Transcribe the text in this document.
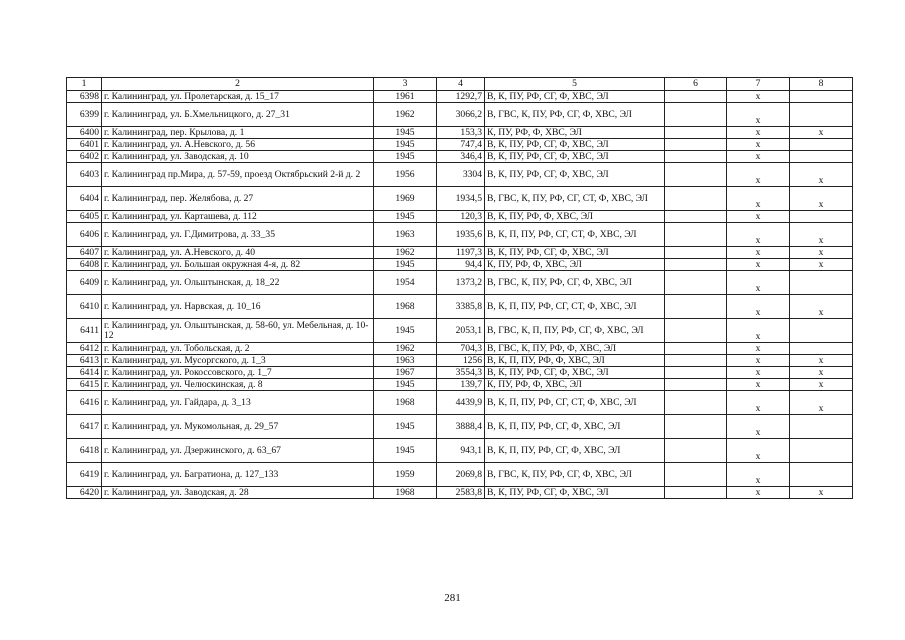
1	2	3	4	5	6	7	8
6398	г. Калининград, ул. Пролетарская, д. 15_17	1961	1292,7	В, К, ПУ, РФ, СГ, Ф, ХВС, ЭЛ		x	
6399	г. Калининград, ул. Б.Хмельницкого, д. 27_31	1962	3066,2	В, ГВС, К, ПУ, РФ, СГ, Ф, ХВС, ЭЛ		x	
6400	г. Калининград, пер. Крылова, д. 1	1945	153,3	К, ПУ, РФ, Ф, ХВС, ЭЛ		x	x
6401	г. Калининград, ул. А.Невского, д. 56	1945	747,4	В, К, ПУ, РФ, СГ, Ф, ХВС, ЭЛ		x	
6402	г. Калининград, ул. Заводская, д. 10	1945	346,4	В, К, ПУ, РФ, СГ, Ф, ХВС, ЭЛ		x	
6403	г. Калининград пр.Мира, д. 57-59, проезд Октябрьский 2-й д. 2	1956	3304	В, К, ПУ, РФ, СГ, Ф, ХВС, ЭЛ		x	x
6404	г. Калининград, пер. Желябова, д. 27	1969	1934,5	В, ГВС, К, ПУ, РФ, СГ, СТ, Ф, ХВС, ЭЛ		x	x
6405	г. Калининград, ул. Карташева, д. 112	1945	120,3	В, К, ПУ, РФ, Ф, ХВС, ЭЛ		x	
6406	г. Калининград, ул. Г.Димитрова, д. 33_35	1963	1935,6	В, К, П, ПУ, РФ, СГ, СТ, Ф, ХВС, ЭЛ		x	x
6407	г. Калининград, ул. А.Невского, д. 40	1962	1197,3	В, К, ПУ, РФ, СГ, Ф, ХВС, ЭЛ		x	x
6408	г. Калининград, ул. Большая окружная 4-я, д. 82	1945	94,4	К, ПУ, РФ, Ф, ХВС, ЭЛ		x	x
6409	г. Калининград, ул. Ольштынская, д. 18_22	1954	1373,2	В, ГВС, К, ПУ, РФ, СГ, Ф, ХВС, ЭЛ		x	
6410	г. Калининград, ул. Нарвская, д. 10_16	1968	3385,8	В, К, П, ПУ, РФ, СГ, СТ, Ф, ХВС, ЭЛ		x	x
6411	г. Калининград, ул. Ольштынская, д. 58-60, ул. Мебельная, д. 10-12	1945	2053,1	В, ГВС, К, П, ПУ, РФ, СГ, Ф, ХВС, ЭЛ		x	
6412	г. Калининград, ул. Тобольская, д. 2	1962	704,3	В, ГВС, К, ПУ, РФ, Ф, ХВС, ЭЛ		x	
6413	г. Калининград, ул. Мусоргского, д. 1_3	1963	1256	В, К, П, ПУ, РФ, Ф, ХВС, ЭЛ		x	x
6414	г. Калининград, ул. Рокоссовского, д. 1_7	1967	3554,3	В, К, ПУ, РФ, СГ, Ф, ХВС, ЭЛ		x	x
6415	г. Калининград, ул. Челюскинская, д. 8	1945	139,7	К, ПУ, РФ, Ф, ХВС, ЭЛ		x	x
6416	г. Калининград, ул. Гайдара, д. 3_13	1968	4439,9	В, К, П, ПУ, РФ, СГ, СТ, Ф, ХВС, ЭЛ		x	x
6417	г. Калининград, ул. Мукомольная, д. 29_57	1945	3888,4	В, К, П, ПУ, РФ, СГ, Ф, ХВС, ЭЛ		x	
6418	г. Калининград, ул. Дзержинского, д. 63_67	1945	943,1	В, К, П, ПУ, РФ, СГ, Ф, ХВС, ЭЛ		x	
6419	г. Калининград, ул. Багратиона, д. 127_133	1959	2069,8	В, ГВС, К, ПУ, РФ, СГ, Ф, ХВС, ЭЛ		x	
6420	г. Калининград, ул. Заводская, д. 28	1968	2583,8	В, К, ПУ, РФ, СГ, Ф, ХВС, ЭЛ		x	x
281
